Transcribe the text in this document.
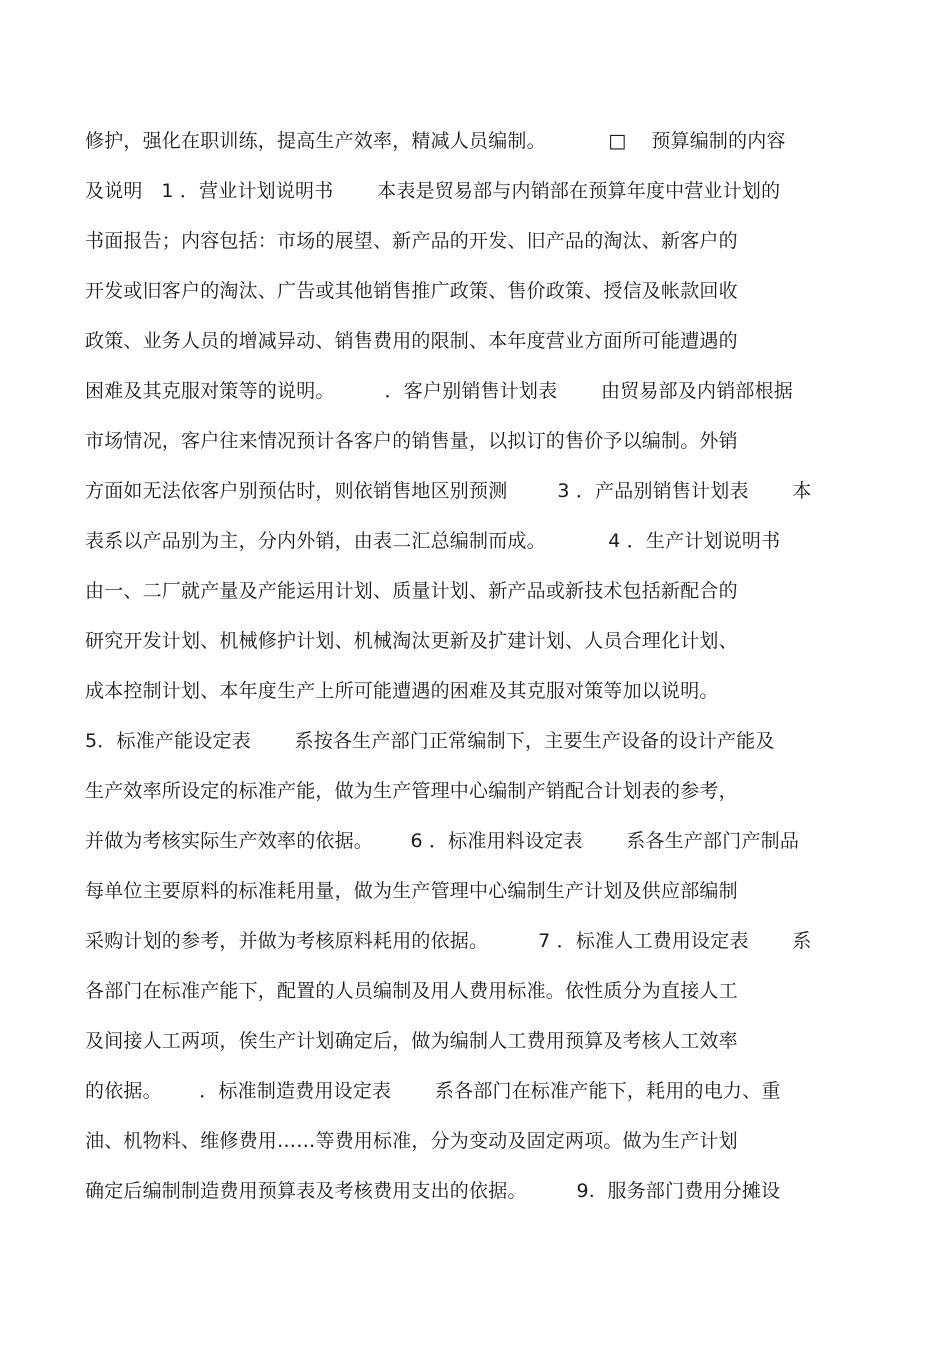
修护，强化在职训练，提高生产效率，精减人员编制。          □    预算编制的内容
及说明   1 ．营业计划说明书       本表是贸易部与内销部在预算年度中营业计划的
书面报告；内容包括：市场的展望、新产品的开发、旧产品的淘汰、新客户的
开发或旧客户的淘汰、广告或其他销售推广政策、售价政策、授信及帐款回收
政策、业务人员的增减异动、销售费用的限制、本年度营业方面所可能遭遇的
困难及其克服对策等的说明。        ．客户别销售计划表       由贸易部及内销部根据
市场情况，客户往来情况预计各客户的销售量，以拟订的售价予以编制。外销
方面如无法依客户别预估时，则依销售地区别预测        3 ．产品别销售计划表       本
表系以产品别为主，分内外销，由表二汇总编制而成。          4 ．生产计划说明书
由一、二厂就产量及产能运用计划、质量计划、新产品或新技术包括新配合的
研究开发计划、机械修护计划、机械淘汰更新及扩建计划、人员合理化计划、
成本控制计划、本年度生产上所可能遭遇的困难及其克服对策等加以说明。
5．标准产能设定表       系按各生产部门正常编制下，主要生产设备的设计产能及
生产效率所设定的标准产能，做为生产管理中心编制产销配合计划表的参考，
并做为考核实际生产效率的依据。      6 ．标准用料设定表       系各生产部门产制品
每单位主要原料的标准耗用量，做为生产管理中心编制生产计划及供应部编制
采购计划的参考，并做为考核原料耗用的依据。        7 ．标准人工费用设定表       系
各部门在标准产能下，配置的人员编制及用人费用标准。依性质分为直接人工
及间接人工两项，俟生产计划确定后，做为编制人工费用预算及考核人工效率
的依据。      ．标准制造费用设定表       系各部门在标准产能下，耗用的电力、重
油、机物料、维修费用……等费用标准，分为变动及固定两项。做为生产计划
确定后编制制造费用预算表及考核费用支出的依据。        9.  服务部门费用分摊设
